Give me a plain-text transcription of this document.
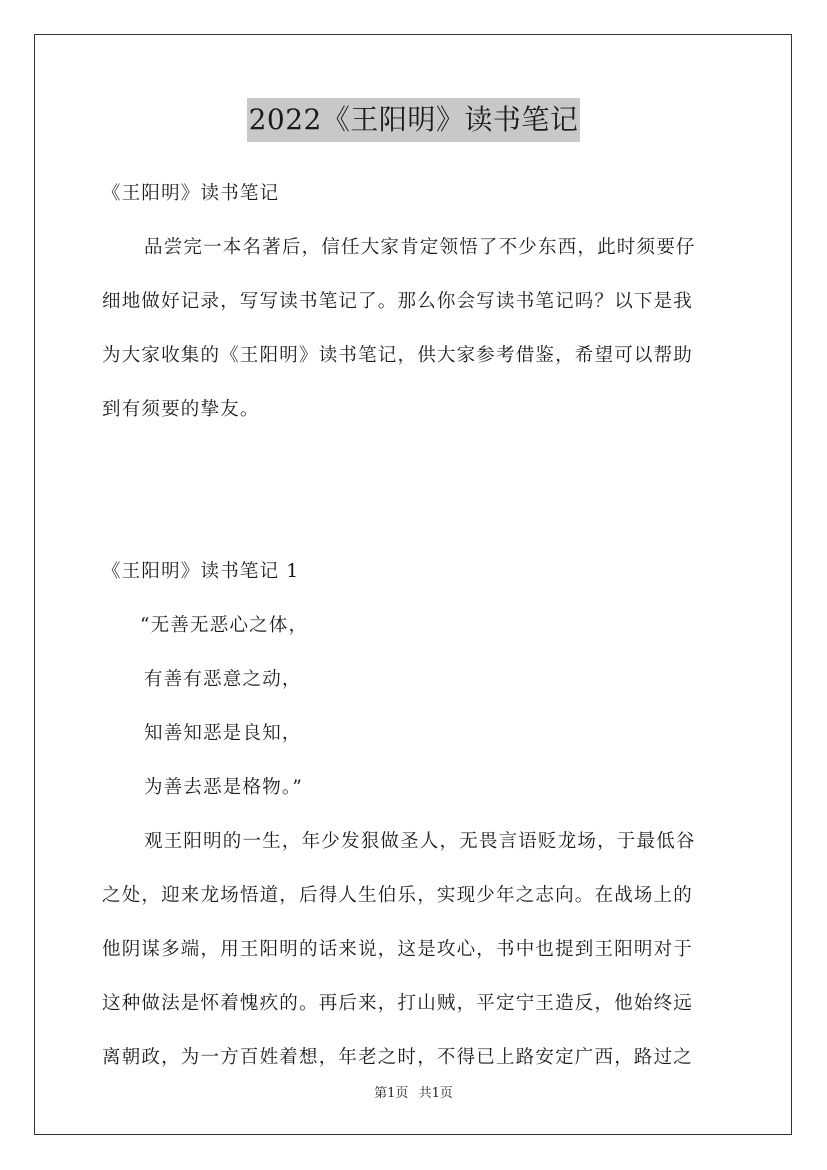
2022《王阳明》读书笔记
《王阳明》读书笔记
品尝完一本名著后，信任大家肯定领悟了不少东西，此时须要仔
细地做好记录，写写读书笔记了。那么你会写读书笔记吗？以下是我
为大家收集的《王阳明》读书笔记，供大家参考借鉴，希望可以帮助
到有须要的挚友。
《王阳明》读书笔记 1
“无善无恶心之体，
有善有恶意之动，
知善知恶是良知，
为善去恶是格物。”
观王阳明的一生，年少发狠做圣人，无畏言语贬龙场，于最低谷
之处，迎来龙场悟道，后得人生伯乐，实现少年之志向。在战场上的
他阴谋多端，用王阳明的话来说，这是攻心，书中也提到王阳明对于
这种做法是怀着愧疚的。再后来，打山贼，平定宁王造反，他始终远
离朝政，为一方百姓着想，年老之时，不得已上路安定广西，路过之
第1页 共1页
